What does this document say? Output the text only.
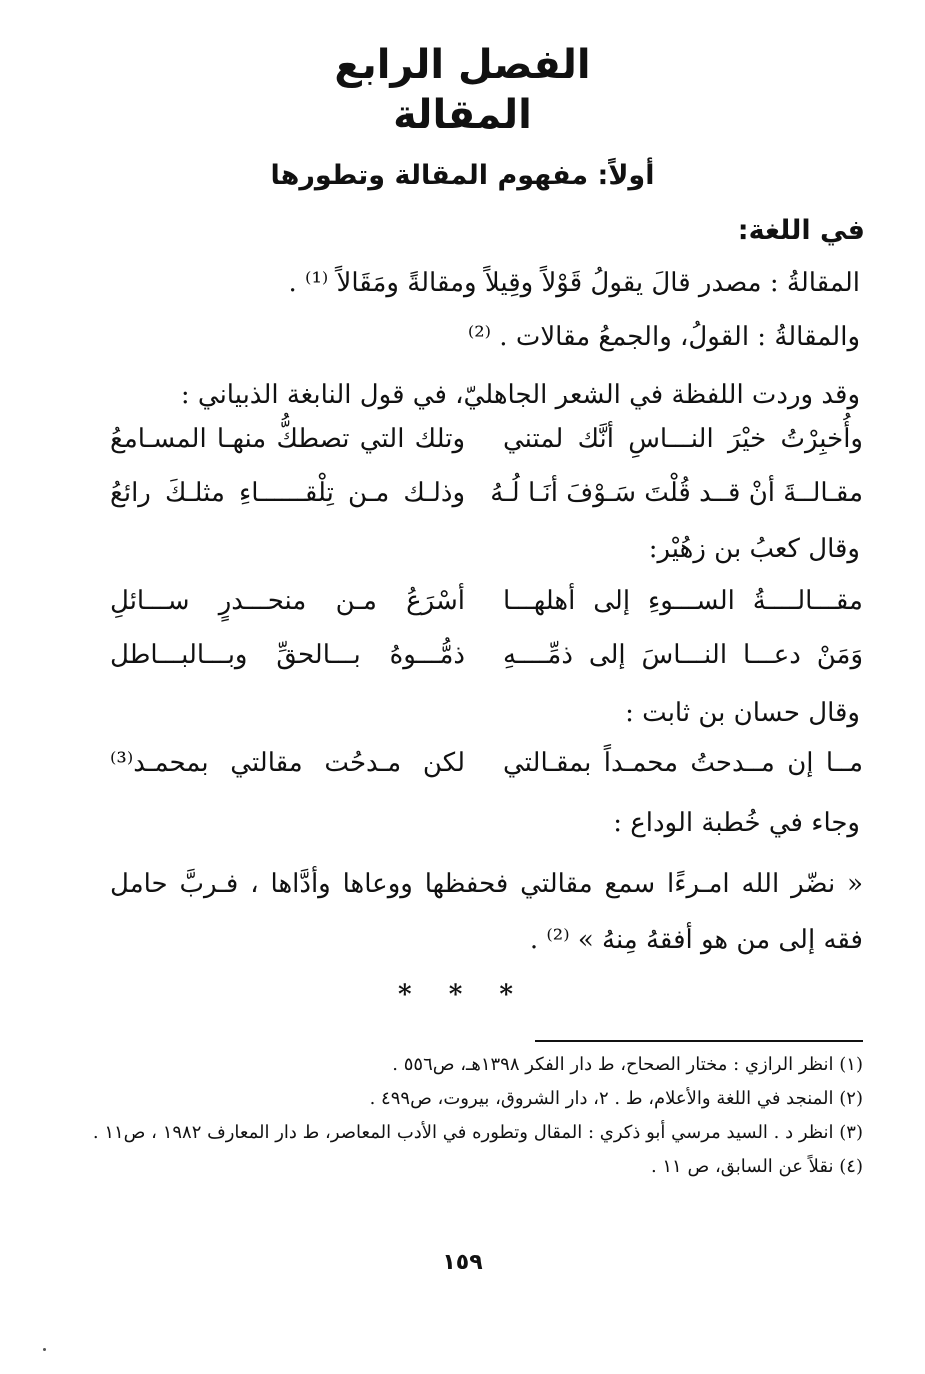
الفصل الرابع
المقالة
أولاً: مفهوم المقالة وتطورها
في اللغة:
المقالةُ : مصدر قالَ يقولُ قَوْلاً وقِيلاً ومقالةً ومَقَالاً ⁽¹⁾ .
والمقالةُ : القولُ، والجمعُ مقالات . ⁽²⁾
وقد وردت اللفظة في الشعر الجاهليّ، في قول النابغة الذبياني :
وأُخبِرْتُ خيْرَ النـــاسِ أنَّك لمتني
وتلك التي تصطكُّ منهـا المسـامعُ
مقـالــةَ أنْ قــد قُلْتَ سَـوْفَ أنَـا لُـهُ
وذلـك مـن تِلْقــــــاءِ مثلـكَ رائعُ
وقال كعبُ بن زهُيْر:
مقـــالــــةُ الســـوءِ إلى أهلهـــا
أسْرَعُ مـن منحـــدرٍ ســـائلِ
وَمَنْ دعـــا النـــاسَ إلى ذمِّــــهِ
ذمُّـــوهُ بـــالحقِّ وبـــالبـــاطل
وقال حسان بن ثابت :
مــا إن مــدحتُ محمـداً بمقـالتي
لكن مـدحُت مقالتي بمحمـد⁽³⁾
وجاء في خُطبة الوداع :
« نضّر الله امـرءًا سمع مقالتي فحفظها ووعاها وأدَّاها ، فـربَّ حامل فقه إلى من هو أفقهُ مِنهُ » ⁽²⁾ .
* * *
(١) انظر الرازي : مختار الصحاح، ط دار الفكر ١٣٩٨هـ، ص٥٥٦ .
(٢) المنجد في اللغة والأعلام، ط . ٢، دار الشروق، بيروت، ص٤٩٩ .
(٣) انظر د . السيد مرسي أبو ذكري : المقال وتطوره في الأدب المعاصر، ط دار المعارف ١٩٨٢ ، ص١١ .
(٤) نقلاً عن السابق، ص ١١ .
١٥٩
